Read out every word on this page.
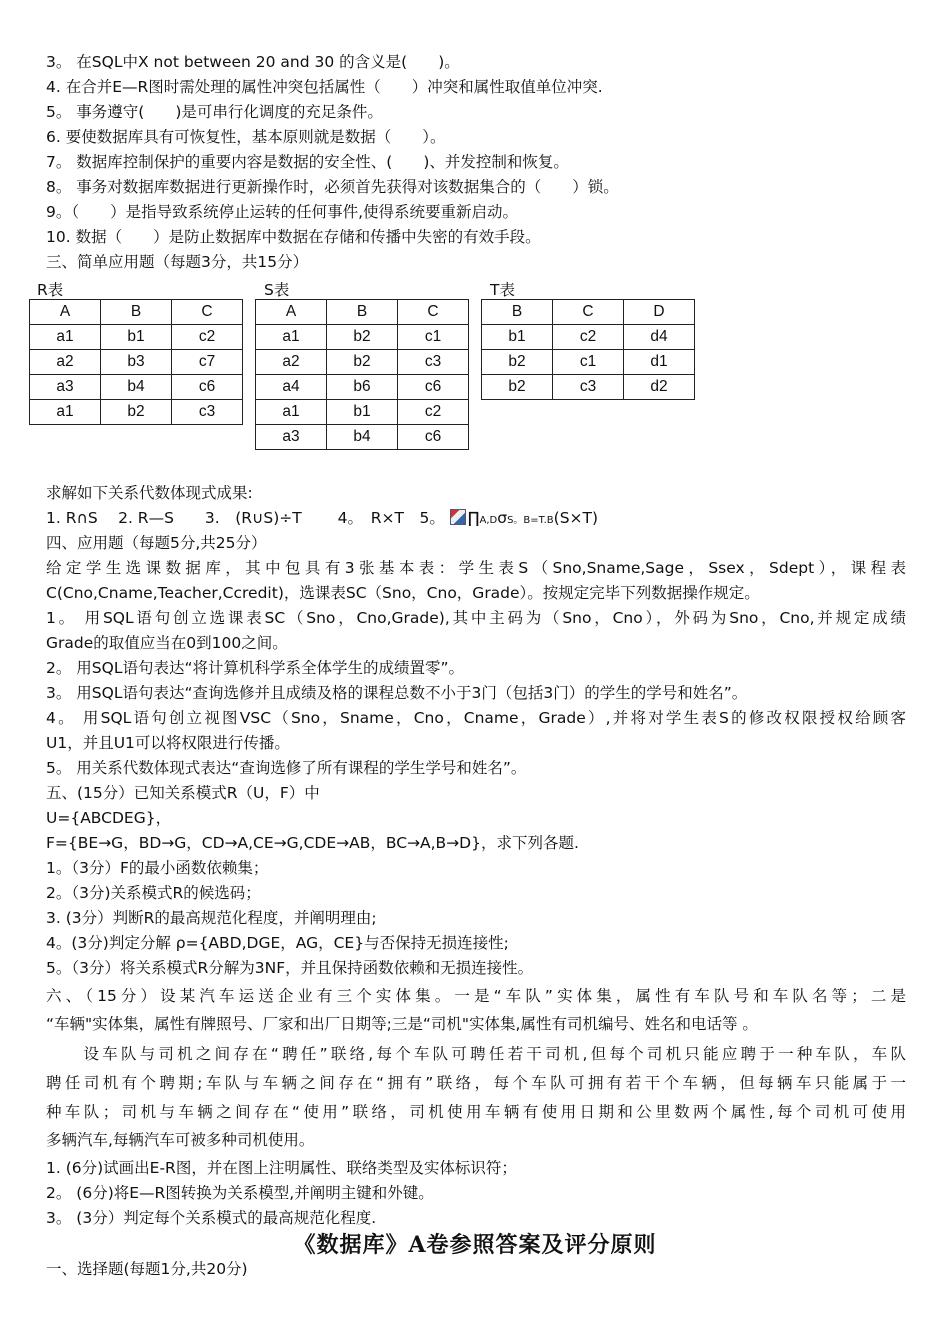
3。 在SQL中X not between 20 and 30 的含义是(　　)。
4. 在合并E—R图时需处理的属性冲突包括属性（　　）冲突和属性取值单位冲突.
5。 事务遵守(　　)是可串行化调度的充足条件。
6. 要使数据库具有可恢复性，基本原则就是数据（　　）。
7。 数据库控制保护的重要内容是数据的安全性、(　　)、并发控制和恢复。
8。 事务对数据库数据进行更新操作时，必须首先获得对该数据集合的（　　）锁。
9。（　　）是指导致系统停止运转的任何事件,使得系统要重新启动。
10. 数据（　　）是防止数据库中数据在存储和传播中失密的有效手段。
三、简单应用题（每题3分，共15分）
R表	S表	T表
A	B	C
a1	b1	c2
a2	b3	c7
a3	b4	c6
a1	b2	c3
A	B	C
a1	b2	c1
a2	b2	c3
a4	b6	c6
a1	b1	c2
a3	b4	c6
B	C	D
b1	c2	d4
b2	c1	d1
b2	c3	d2
求解如下关系代数体现式成果:
1. R∩S　 2. R—S　　3.　(R∪S)÷T　　 4。　R×T　5。 ∏A,DσS。B=T.B(S×T)
四、应用题（每题5分,共25分）
给定学生选课数据库，其中包具有3张基本表：学生表S（Sno,Sname,Sage，Ssex，Sdept），课程表
C(Cno,Cname,Teacher,Ccredit)，选课表SC（Sno，Cno，Grade）。按规定完毕下列数据操作规定。
1。 用SQL语句创立选课表SC（Sno，Cno,Grade),其中主码为（Sno，Cno），外码为Sno，Cno,并规定成绩
Grade的取值应当在0到100之间。
2。 用SQL语句表达“将计算机科学系全体学生的成绩置零”。
3。 用SQL语句表达“查询选修并且成绩及格的课程总数不小于3门（包括3门）的学生的学号和姓名”。
4。 用SQL语句创立视图VSC（Sno，Sname，Cno，Cname，Grade）,并将对学生表S的修改权限授权给顾客
U1，并且U1可以将权限进行传播。
5。 用关系代数体现式表达“查询选修了所有课程的学生学号和姓名”。
五、(15分）已知关系模式R（U，F）中
U={ABCDEG}，
F={BE→G，BD→G，CD→A,CE→G,CDE→AB，BC→A,B→D}，求下列各题.
1。（3分）F的最小函数依赖集；
2。（3分)关系模式R的候选码；
3. (3分）判断R的最高规范化程度，并阐明理由;
4。(3分)判定分解 ρ={ABD,DGE，AG，CE}与否保持无损连接性;
5。（3分）将关系模式R分解为3NF，并且保持函数依赖和无损连接性。
六、（15分）设某汽车运送企业有三个实体集。一是“车队”实体集，属性有车队号和车队名等；二是
“车辆"实体集，属性有牌照号、厂家和出厂日期等;三是“司机"实体集,属性有司机编号、姓名和电话等 。
　　设车队与司机之间存在“聘任”联络,每个车队可聘任若干司机,但每个司机只能应聘于一种车队，车队
聘任司机有个聘期;车队与车辆之间存在“拥有”联络，每个车队可拥有若干个车辆，但每辆车只能属于一
种车队；司机与车辆之间存在“使用”联络，司机使用车辆有使用日期和公里数两个属性,每个司机可使用
多辆汽车,每辆汽车可被多种司机使用。
1. (6分)试画出E-R图，并在图上注明属性、联络类型及实体标识符；
2。 (6分)将E—R图转换为关系模型,并阐明主键和外键。
3。 (3分）判定每个关系模式的最高规范化程度.
《数据库》A卷参照答案及评分原则
一、选择题(每题1分,共20分)
